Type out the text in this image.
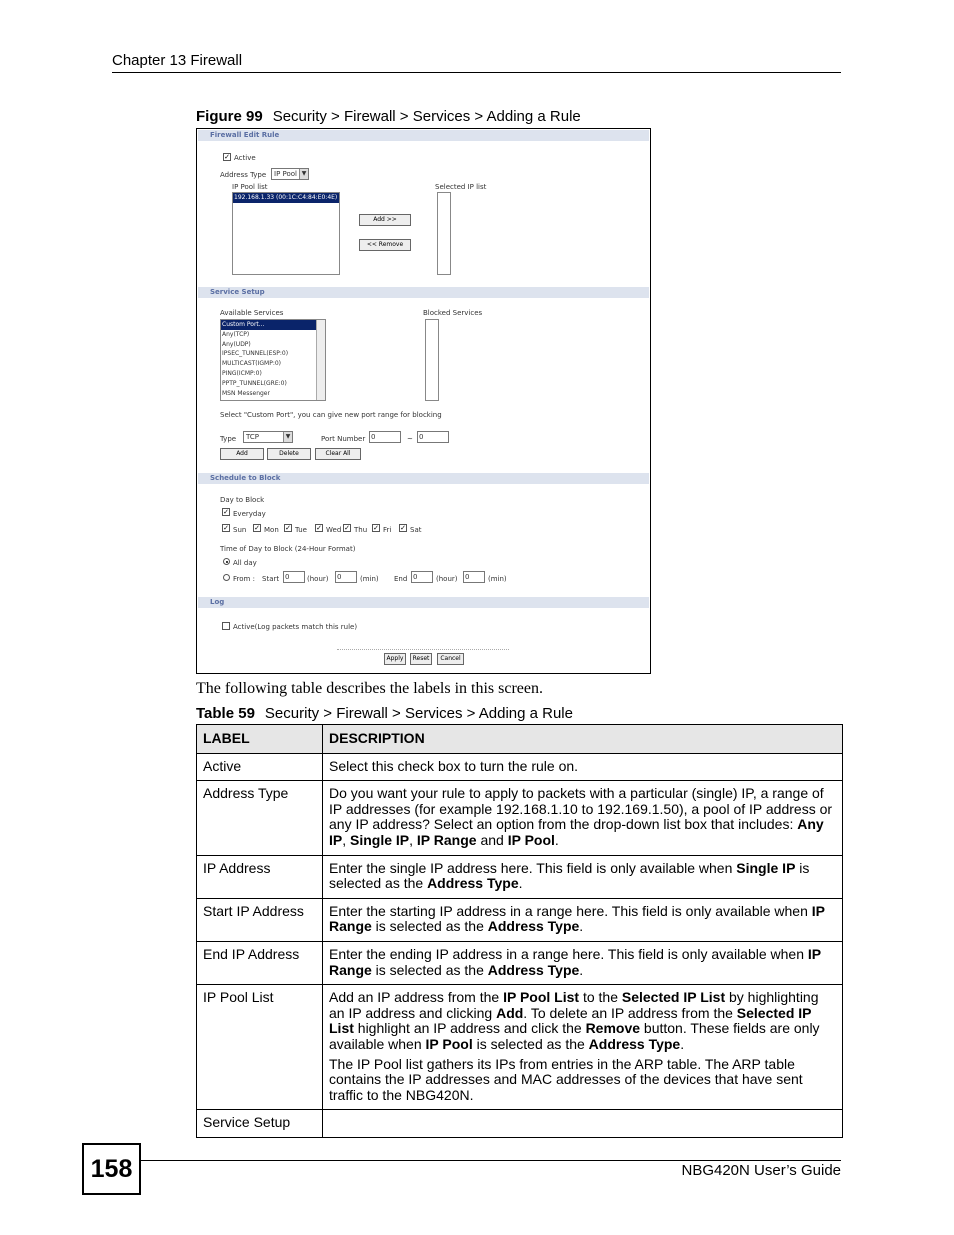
Chapter 13 Firewall
Figure 99 Security > Firewall > Services > Adding a Rule
Firewall Edit Rule
✓ Active
Address Type	IP Pool ▼
IP Pool list
192.168.1.33 (00:1C:C4:84:E0:4E)
Add >>
<< Remove
Selected IP list
Service Setup
Available Services
Custom Port...
Any(TCP)
Any(UDP)
IPSEC_TUNNEL(ESP:0)
MULTICAST(IGMP:0)
PING(ICMP:0)
PPTP_TUNNEL(GRE:0)
MSN Messenger
Blocked Services
Select "Custom Port", you can give new port range for blocking
Type	TCP	▼	Port Number 0	~ 0
Add	Delete	Clear All
Schedule to Block
Day to Block
✓ Everyday
✓ Sun ✓ Mon ✓ Tue ✓ Wed ✓ Thu ✓ Fri ✓ Sat
Time of Day to Block (24-Hour Format)
All day
From : Start 0	(hour) 0	(min) End 0	(hour) 0	(min)
Log
Active(Log packets match this rule)
Apply	Reset	Cancel
The following table describes the labels in this screen.
Table 59 Security > Firewall > Services > Adding a Rule
LABEL	DESCRIPTION
Active	Select this check box to turn the rule on.

Address Type	Do you want your rule to apply to packets with a particular (single) IP, a range of IP addresses (for example 192.168.1.10 to 192.169.1.50), a pool of IP address or any IP address? Select an option from the drop-down list box that includes: Any IP, Single IP, IP Range and IP Pool.

IP Address	Enter the single IP address here. This field is only available when Single IP is selected as the Address Type.

Start IP Address	Enter the starting IP address in a range here. This field is only available when IP Range is selected as the Address Type.

End IP Address	Enter the ending IP address in a range here. This field is only available when IP Range is selected as the Address Type.

IP Pool List	Add an IP address from the IP Pool List to the Selected IP List by highlighting an IP address and clicking Add. To delete an IP address from the Selected IP List highlight an IP address and click the Remove button. These fields are only available when IP Pool is selected as the Address Type.

The IP Pool list gathers its IPs from entries in the ARP table. The ARP table contains the IP addresses and MAC addresses of the devices that have sent traffic to the NBG420N.

Service Setup	

158	NBG420N User’s Guide
